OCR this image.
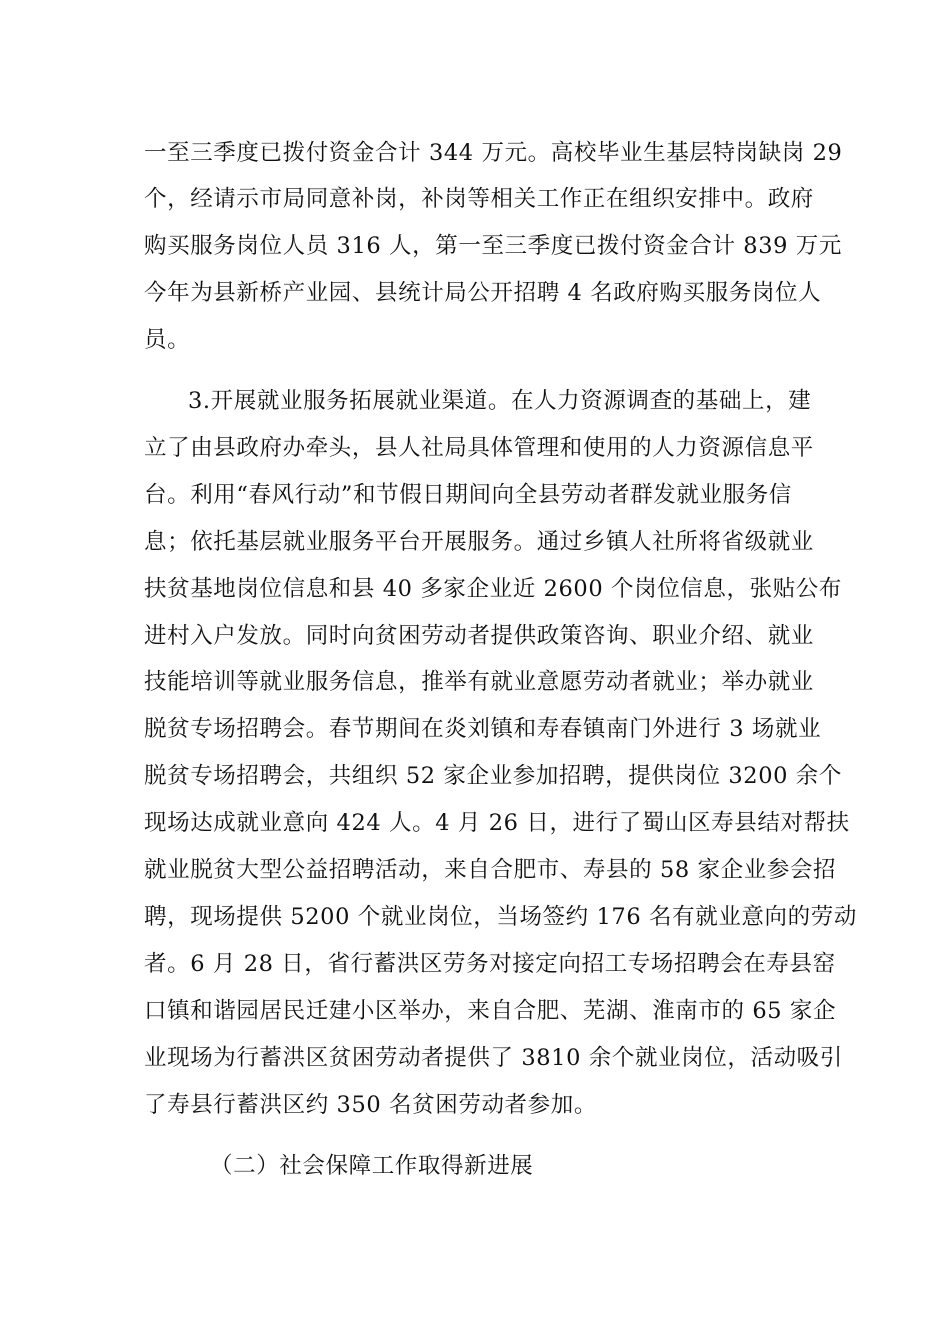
一至三季度已拨付资金合计 344 万元。高校毕业生基层特岗缺岗 29
个，经请示市局同意补岗，补岗等相关工作正在组织安排中。政府
购买服务岗位人员 316 人，第一至三季度已拨付资金合计 839 万元
今年为县新桥产业园、县统计局公开招聘 4 名政府购买服务岗位人
员。
3.开展就业服务拓展就业渠道。在人力资源调查的基础上，建
立了由县政府办牵头，县人社局具体管理和使用的人力资源信息平
台。利用“春风行动”和节假日期间向全县劳动者群发就业服务信
息；依托基层就业服务平台开展服务。通过乡镇人社所将省级就业
扶贫基地岗位信息和县 40 多家企业近 2600 个岗位信息，张贴公布
进村入户发放。同时向贫困劳动者提供政策咨询、职业介绍、就业
技能培训等就业服务信息，推举有就业意愿劳动者就业；举办就业
脱贫专场招聘会。春节期间在炎刘镇和寿春镇南门外进行 3 场就业
脱贫专场招聘会，共组织 52 家企业参加招聘，提供岗位 3200 余个
现场达成就业意向 424 人。4 月 26 日，进行了蜀山区寿县结对帮扶
就业脱贫大型公益招聘活动，来自合肥市、寿县的 58 家企业参会招
聘，现场提供 5200 个就业岗位，当场签约 176 名有就业意向的劳动
者。6 月 28 日，省行蓄洪区劳务对接定向招工专场招聘会在寿县窑
口镇和谐园居民迁建小区举办，来自合肥、芜湖、淮南市的 65 家企
业现场为行蓄洪区贫困劳动者提供了 3810 余个就业岗位，活动吸引
了寿县行蓄洪区约 350 名贫困劳动者参加。
（二）社会保障工作取得新进展
